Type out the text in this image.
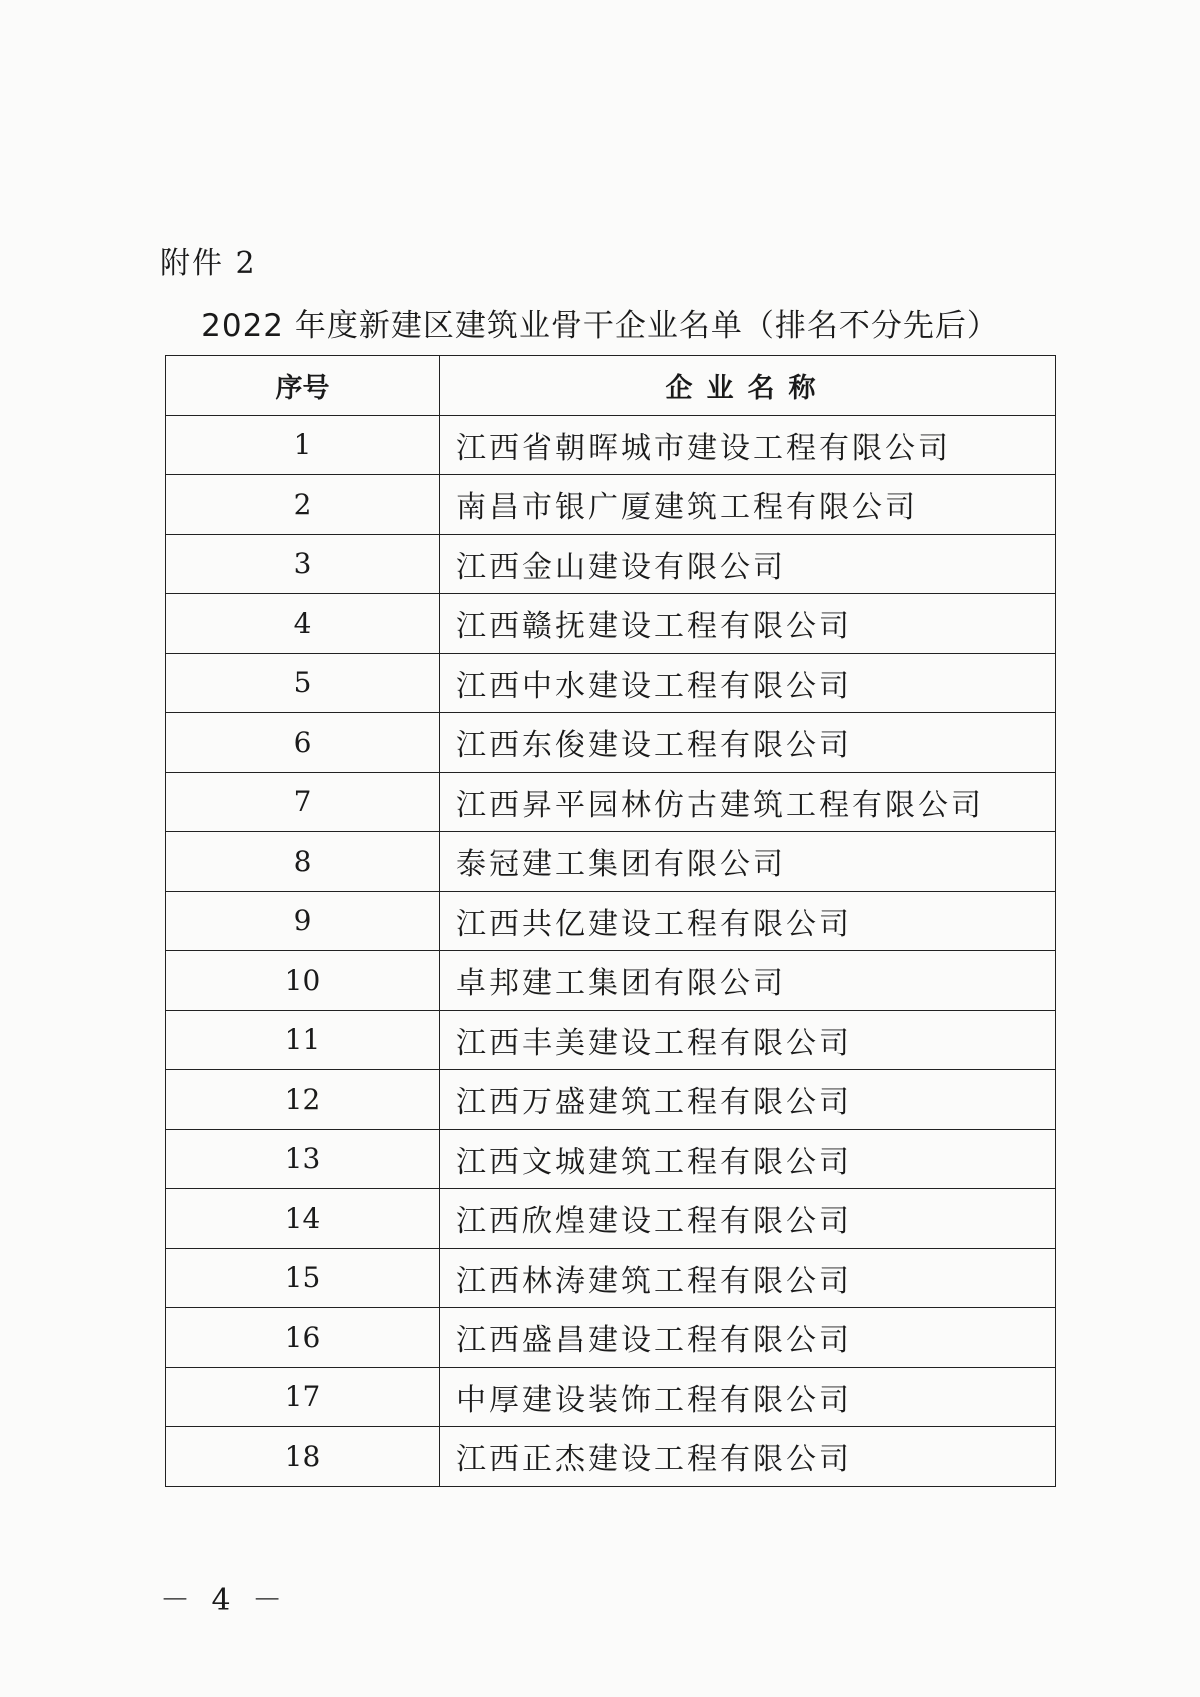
附件 2
2022 年度新建区建筑业骨干企业名单（排名不分先后）
序号	企业名称
1	江西省朝晖城市建设工程有限公司
2	南昌市银广厦建筑工程有限公司
3	江西金山建设有限公司
4	江西赣抚建设工程有限公司
5	江西中水建设工程有限公司
6	江西东俊建设工程有限公司
7	江西昇平园林仿古建筑工程有限公司
8	泰冠建工集团有限公司
9	江西共亿建设工程有限公司
10	卓邦建工集团有限公司
11	江西丰美建设工程有限公司
12	江西万盛建筑工程有限公司
13	江西文城建筑工程有限公司
14	江西欣煌建设工程有限公司
15	江西林涛建筑工程有限公司
16	江西盛昌建设工程有限公司
17	中厚建设装饰工程有限公司
18	江西正杰建设工程有限公司
－ 4 －
